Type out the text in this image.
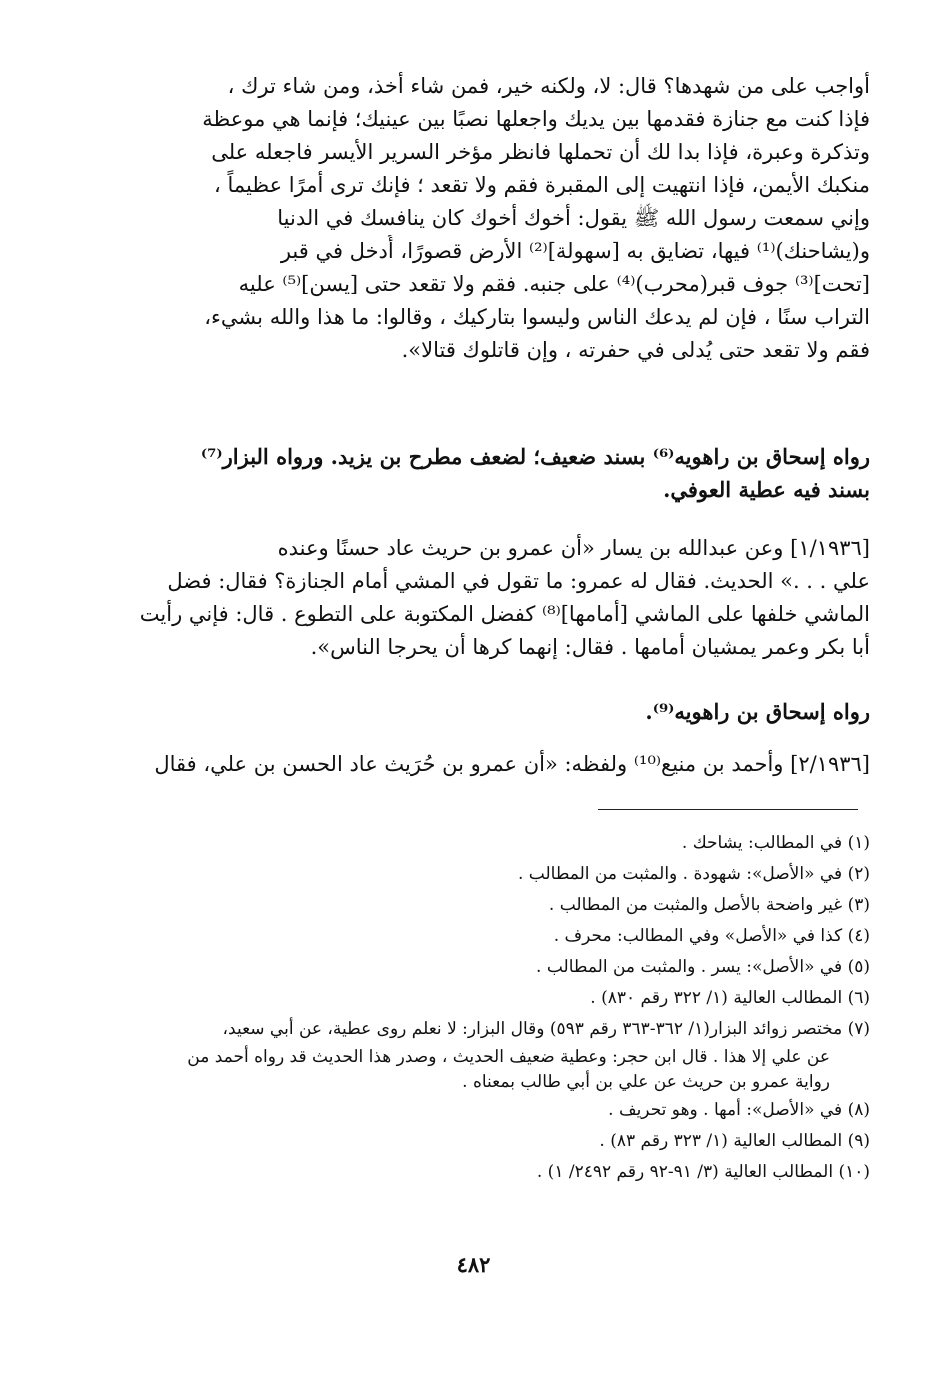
أواجب على من شهدها؟ قال: لا، ولكنه خير، فمن شاء أخذ، ومن شاء ترك ،
فإذا كنت مع جنازة فقدمها بين يديك واجعلها نصبًا بين عينيك؛ فإنما هي موعظة
وتذكرة وعبرة، فإذا بدا لك أن تحملها فانظر مؤخر السرير الأيسر فاجعله على
منكبك الأيمن، فإذا انتهيت إلى المقبرة فقم ولا تقعد ؛ فإنك ترى أمرًا عظيماً ،
وإني سمعت رسول الله ﷺ يقول: أخوك أخوك كان ينافسك في الدنيا
و(يشاحنك)⁽¹⁾ فيها، تضايق به [سهولة]⁽²⁾ الأرض قصورًا، أُدخل في قبر
[تحت]⁽³⁾ جوف قبر(محرب)⁽⁴⁾ على جنبه. فقم ولا تقعد حتى [يسن]⁽⁵⁾ عليه
التراب سنًا ، فإن لم يدعك الناس وليسوا بتاركيك ، وقالوا: ما هذا والله بشيء،
فقم ولا تقعد حتى يُدلى في حفرته ، وإن قاتلوك قتالا».
رواه إسحاق بن راهويه⁽⁶⁾ بسند ضعيف؛ لضعف مطرح بن يزيد. ورواه البزار⁽⁷⁾
بسند فيه عطية العوفي.
[١/١٩٣٦] وعن عبدالله بن يسار «أن عمرو بن حريث عاد حسنًا وعنده
علي . . .» الحديث. فقال له عمرو: ما تقول في المشي أمام الجنازة؟ فقال: فضل
الماشي خلفها على الماشي [أمامها]⁽⁸⁾ كفضل المكتوبة على التطوع . قال: فإني رأيت
أبا بكر وعمر يمشيان أمامها . فقال: إنهما كرها أن يحرجا الناس».
رواه إسحاق بن راهويه⁽⁹⁾.
[٢/١٩٣٦] وأحمد بن منيع⁽¹⁰⁾ ولفظه: «أن عمرو بن حُرَيث عاد الحسن بن علي، فقال
(١) في المطالب: يشاحك .
(٢) في «الأصل»: شهودة . والمثبت من المطالب .
(٣) غير واضحة بالأصل والمثبت من المطالب .
(٤) كذا في «الأصل» وفي المطالب: محرف .
(٥) في «الأصل»: يسر . والمثبت من المطالب .
(٦) المطالب العالية (١/ ٣٢٢ رقم ٨٣٠) .
(٧) مختصر زوائد البزار(١/ ٣٦٢-٣٦٣ رقم ٥٩٣) وقال البزار: لا نعلم روى عطية، عن أبي سعيد،
عن علي إلا هذا . قال ابن حجر: وعطية ضعيف الحديث ، وصدر هذا الحديث قد رواه أحمد من
رواية عمرو بن حريث عن علي بن أبي طالب بمعناه .
(٨) في «الأصل»: أمها . وهو تحريف .
(٩) المطالب العالية (١/ ٣٢٣ رقم ٨٣) .
(١٠) المطالب العالية (٣/ ٩١-٩٢ رقم ٢٤٩٢/ ١) .
٤٨٢
